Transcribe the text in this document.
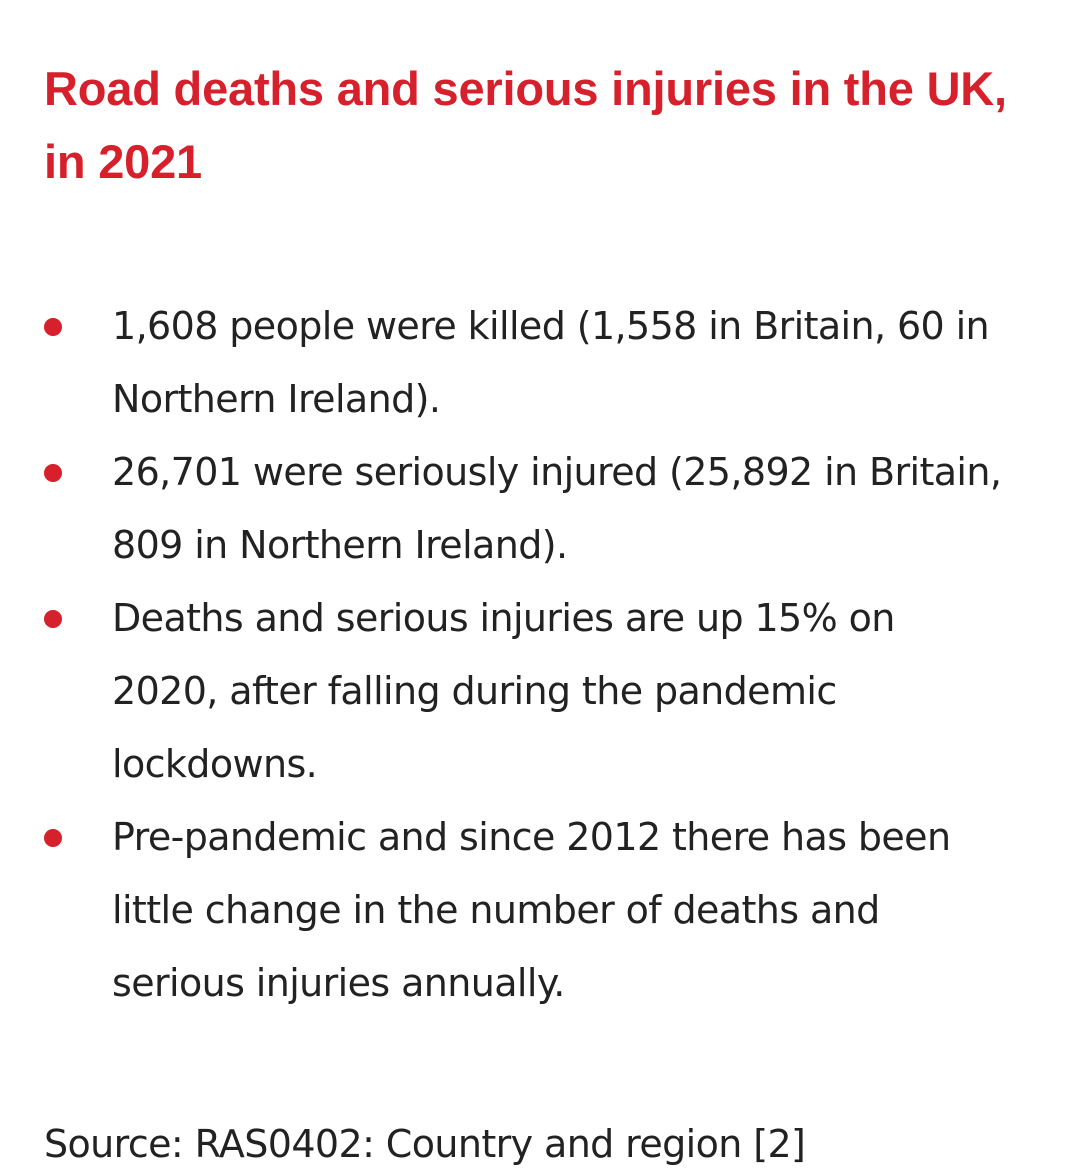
Road deaths and serious injuries in the UK, in 2021
1,608 people were killed (1,558 in Britain, 60 in Northern Ireland).
26,701 were seriously injured (25,892 in Britain, 809 in Northern Ireland).
Deaths and serious injuries are up 15% on 2020, after falling during the pandemic lockdowns.
Pre-pandemic and since 2012 there has been little change in the number of deaths and serious injuries annually.

Source: RAS0402: Country and region [2]
